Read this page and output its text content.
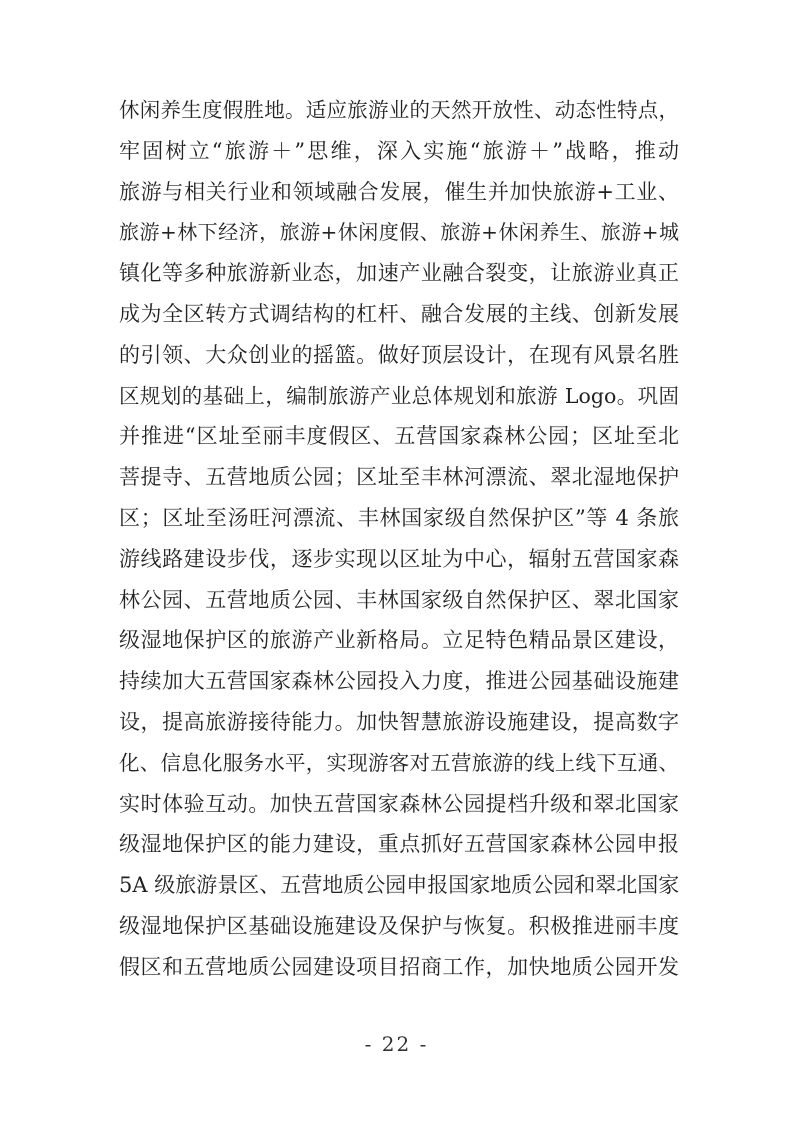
休闲养生度假胜地。适应旅游业的天然开放性、动态性特点，
牢固树立“旅游＋”思维，深入实施“旅游＋”战略，推动
旅游与相关行业和领域融合发展，催生并加快旅游+工业、
旅游+林下经济，旅游+休闲度假、旅游+休闲养生、旅游+城
镇化等多种旅游新业态，加速产业融合裂变，让旅游业真正
成为全区转方式调结构的杠杆、融合发展的主线、创新发展
的引领、大众创业的摇篮。做好顶层设计，在现有风景名胜
区规划的基础上，编制旅游产业总体规划和旅游 Logo。巩固
并推进“区址至丽丰度假区、五营国家森林公园；区址至北
菩提寺、五营地质公园；区址至丰林河漂流、翠北湿地保护
区；区址至汤旺河漂流、丰林国家级自然保护区”等 4 条旅
游线路建设步伐，逐步实现以区址为中心，辐射五营国家森
林公园、五营地质公园、丰林国家级自然保护区、翠北国家
级湿地保护区的旅游产业新格局。立足特色精品景区建设，
持续加大五营国家森林公园投入力度，推进公园基础设施建
设，提高旅游接待能力。加快智慧旅游设施建设，提高数字
化、信息化服务水平，实现游客对五营旅游的线上线下互通、
实时体验互动。加快五营国家森林公园提档升级和翠北国家
级湿地保护区的能力建设，重点抓好五营国家森林公园申报
5A 级旅游景区、五营地质公园申报国家地质公园和翠北国家
级湿地保护区基础设施建设及保护与恢复。积极推进丽丰度
假区和五营地质公园建设项目招商工作，加快地质公园开发
- 22 -
